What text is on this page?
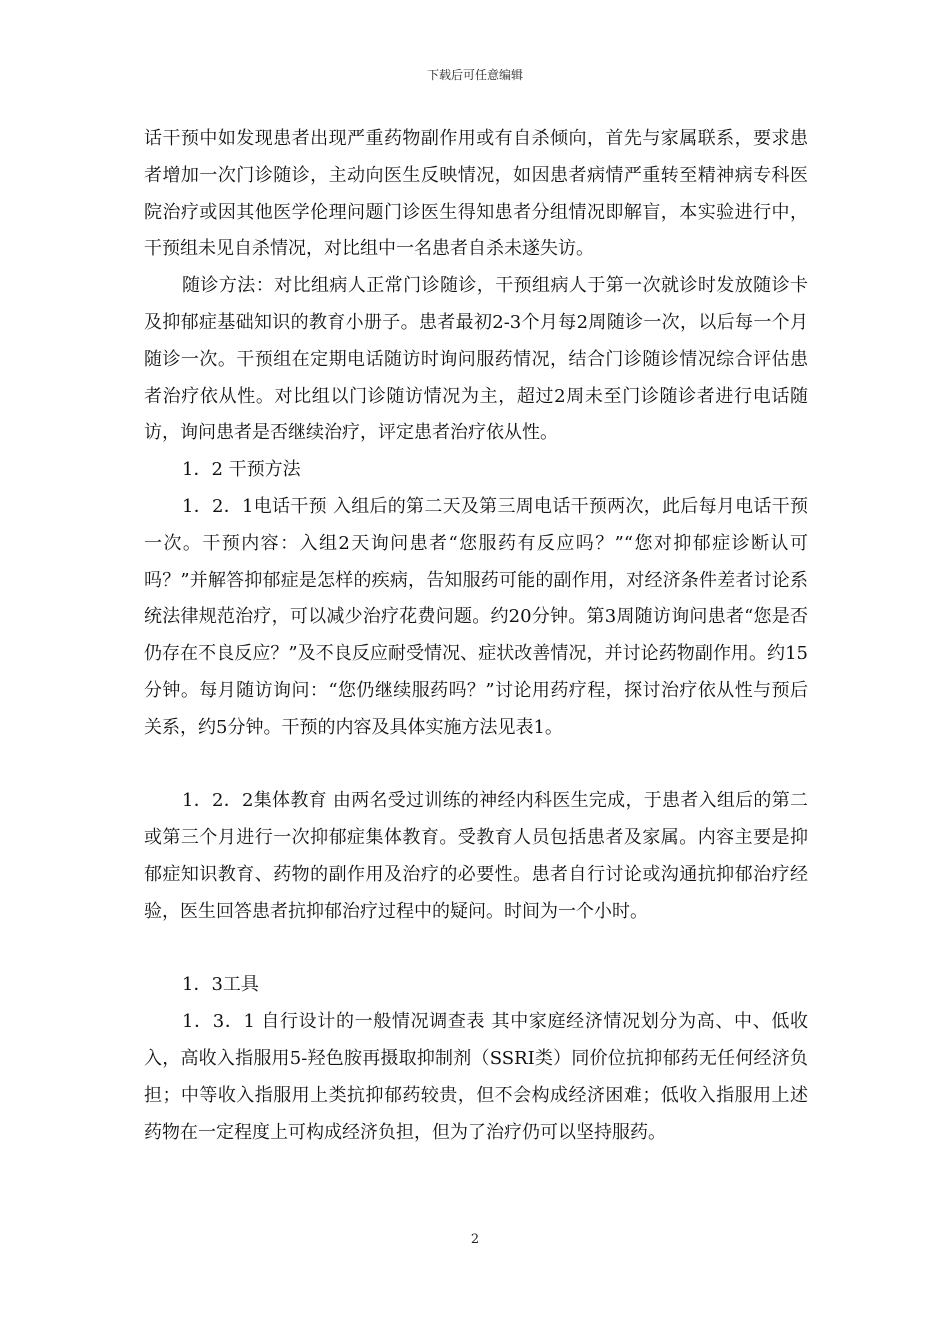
下载后可任意编辑

话干预中如发现患者出现严重药物副作用或有自杀倾向，首先与家属联系，要求患者增加一次门诊随诊，主动向医生反映情况，如因患者病情严重转至精神病专科医院治疗或因其他医学伦理问题门诊医生得知患者分组情况即解盲，本实验进行中，干预组未见自杀情况，对比组中一名患者自杀未遂失访。

随诊方法：对比组病人正常门诊随诊，干预组病人于第一次就诊时发放随诊卡及抑郁症基础知识的教育小册子。患者最初2-3个月每2周随诊一次，以后每一个月随诊一次。干预组在定期电话随访时询问服药情况，结合门诊随诊情况综合评估患者治疗依从性。对比组以门诊随访情况为主，超过2周未至门诊随诊者进行电话随访，询问患者是否继续治疗，评定患者治疗依从性。

1．2 干预方法

1．2．1电话干预 入组后的第二天及第三周电话干预两次，此后每月电话干预一次。干预内容：入组2天询问患者“您服药有反应吗？”“您对抑郁症诊断认可吗？”并解答抑郁症是怎样的疾病，告知服药可能的副作用，对经济条件差者讨论系统法律规范治疗，可以减少治疗花费问题。约20分钟。第3周随访询问患者“您是否仍存在不良反应？”及不良反应耐受情况、症状改善情况，并讨论药物副作用。约15分钟。每月随访询问：“您仍继续服药吗？”讨论用药疗程，探讨治疗依从性与预后关系，约5分钟。干预的内容及具体实施方法见表1。

1．2．2集体教育 由两名受过训练的神经内科医生完成，于患者入组后的第二或第三个月进行一次抑郁症集体教育。受教育人员包括患者及家属。内容主要是抑郁症知识教育、药物的副作用及治疗的必要性。患者自行讨论或沟通抗抑郁治疗经验，医生回答患者抗抑郁治疗过程中的疑问。时间为一个小时。

1．3工具

1．3．1 自行设计的一般情况调查表 其中家庭经济情况划分为高、中、低收入，高收入指服用5-羟色胺再摄取抑制剂（SSRI类）同价位抗抑郁药无任何经济负担；中等收入指服用上类抗抑郁药较贵，但不会构成经济困难；低收入指服用上述药物在一定程度上可构成经济负担，但为了治疗仍可以坚持服药。

2
